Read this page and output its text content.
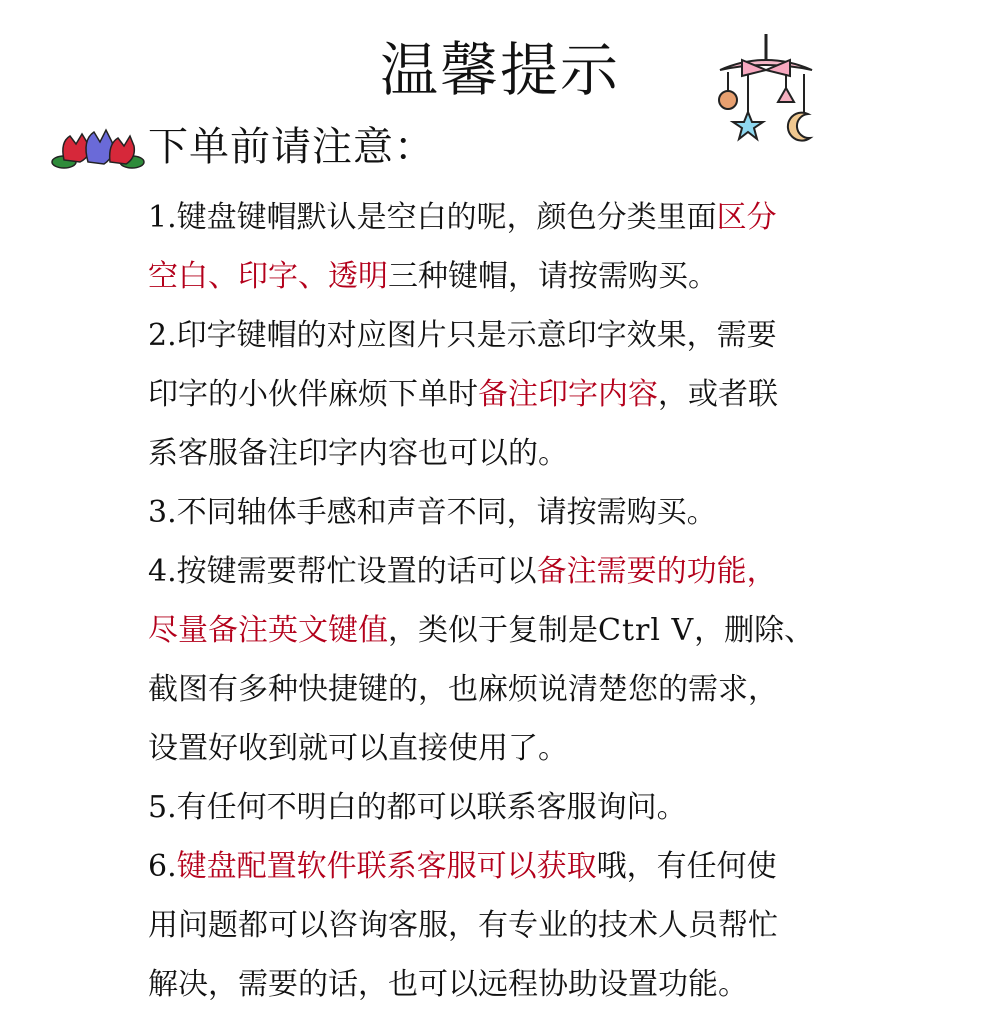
温馨提示
下单前请注意：
1.键盘键帽默认是空白的呢，颜色分类里面区分
空白、印字、透明三种键帽，请按需购买。
2.印字键帽的对应图片只是示意印字效果，需要
印字的小伙伴麻烦下单时备注印字内容，或者联
系客服备注印字内容也可以的。
3.不同轴体手感和声音不同，请按需购买。
4.按键需要帮忙设置的话可以备注需要的功能，
尽量备注英文键值，类似于复制是Ctrl V，删除、
截图有多种快捷键的，也麻烦说清楚您的需求，
设置好收到就可以直接使用了。
5.有任何不明白的都可以联系客服询问。
6.键盘配置软件联系客服可以获取哦，有任何使
用问题都可以咨询客服，有专业的技术人员帮忙
解决，需要的话，也可以远程协助设置功能。
